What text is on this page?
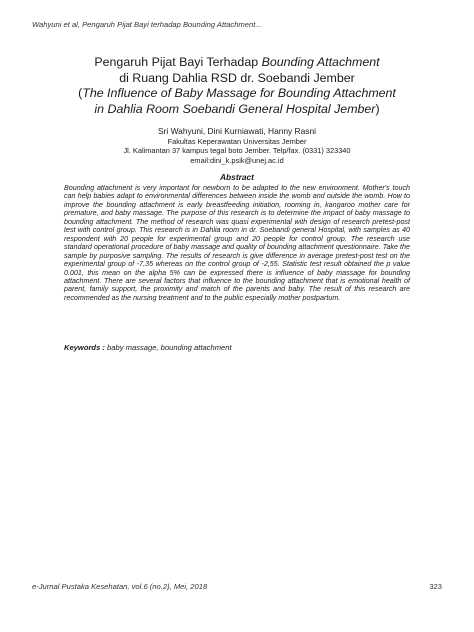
Wahyuni et al, Pengaruh Pijat Bayi terhadap Bounding Attachment...
Pengaruh Pijat Bayi Terhadap Bounding Attachment
di Ruang Dahlia RSD dr. Soebandi Jember
(The Influence of Baby Massage for Bounding Attachment
in Dahlia Room Soebandi General Hospital Jember)
Sri Wahyuni, Dini Kurniawati, Hanny Rasni
Fakultas Keperawatan Universitas Jember
Jl. Kalimantan 37 kampus tegal boto Jember. Telp/fax. (0331) 323340
email:dini_k.psik@unej.ac.id
Abstract
Bounding attachment is very important for newborn to be adapted to the new environment. Mother's touch can help babies adapt to environmental differences between inside the womb and outside the womb. How to improve the bounding attachment is early breastfeeding initiation, rooming in, kangaroo mother care for premature, and baby massage. The purpose of this research is to determine the impact of baby massage to bounding attachment. The method of research was quasi experimental with design of research pretest-post test with control group. This research is in Dahlia room in dr. Soebandi general Hospital, with samples as 40 respondent with 20 people for experimental group and 20 people for control group. The research use standard operational procedure of baby massage and quality of bounding attachment questionnaire. Take the sample by purposive sampling. The results of research is give difference in average pretest-post test on the experimental group of -7,35 whereas on the control group of -2,55. Statistic test result obtained the p value 0.001, this mean on the alpha 5% can be expressed there is influence of baby massage for bounding attachment. There are several factors that influence to the bounding attachment that is emotional health of parent, family support, the proximity and match of the parents and baby. The result of this research are recommended as the nursing treatment and to the public especially mother postpartum.
Keywords : baby massage, bounding attachment
e-Jurnal Pustaka Kesehatan, vol.6 (no.2), Mei, 2018	323
